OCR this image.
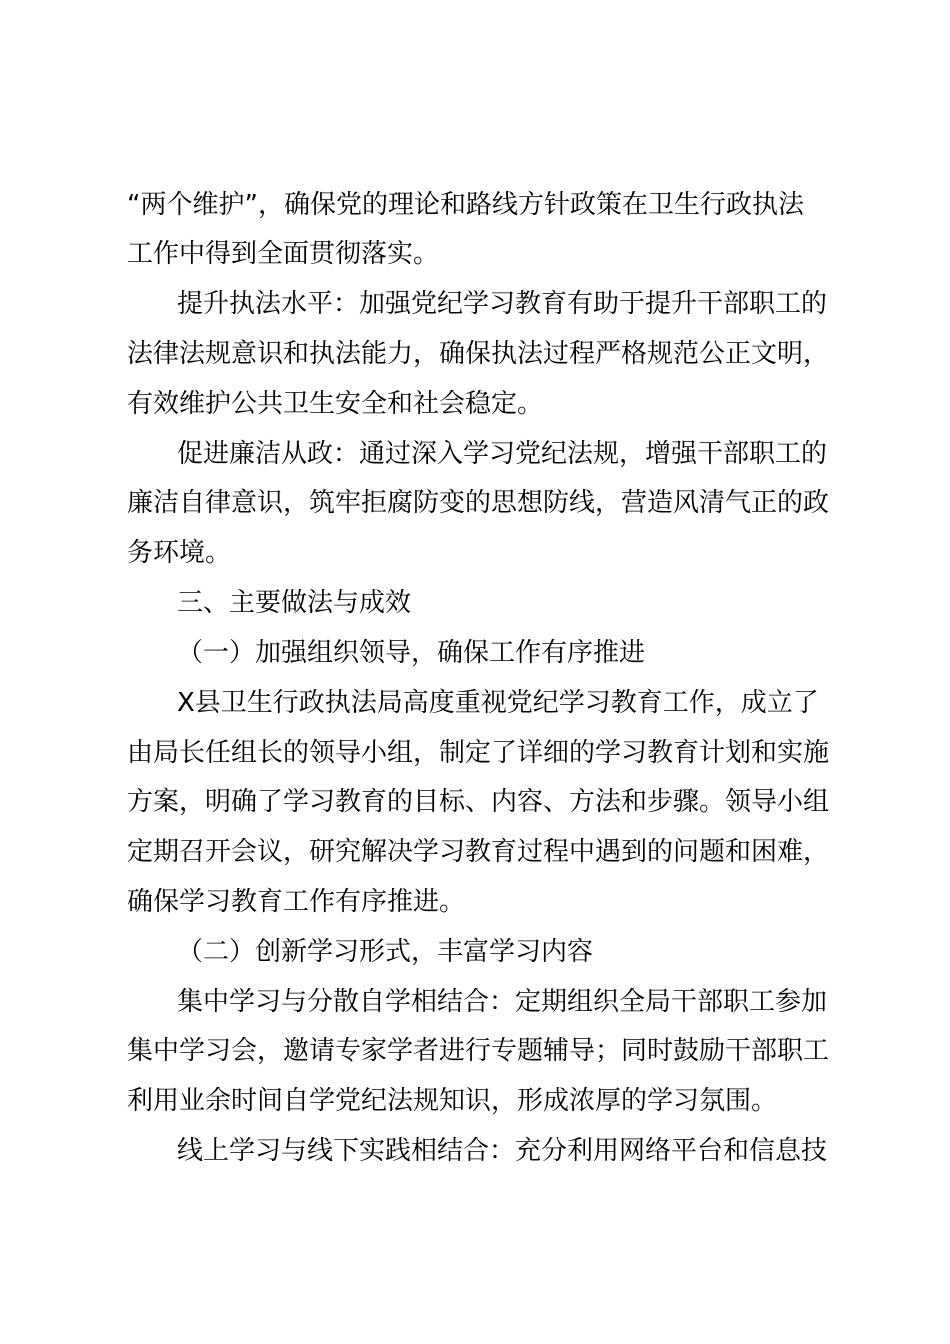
“两个维护”，确保党的理论和路线方针政策在卫生行政执法
工作中得到全面贯彻落实。
提升执法水平：加强党纪学习教育有助于提升干部职工的
法律法规意识和执法能力，确保执法过程严格规范公正文明，
有效维护公共卫生安全和社会稳定。
促进廉洁从政：通过深入学习党纪法规，增强干部职工的
廉洁自律意识，筑牢拒腐防变的思想防线，营造风清气正的政
务环境。
三、主要做法与成效
（一）加强组织领导，确保工作有序推进
X县卫生行政执法局高度重视党纪学习教育工作，成立了
由局长任组长的领导小组，制定了详细的学习教育计划和实施
方案，明确了学习教育的目标、内容、方法和步骤。领导小组
定期召开会议，研究解决学习教育过程中遇到的问题和困难，
确保学习教育工作有序推进。
（二）创新学习形式，丰富学习内容
集中学习与分散自学相结合：定期组织全局干部职工参加
集中学习会，邀请专家学者进行专题辅导；同时鼓励干部职工
利用业余时间自学党纪法规知识，形成浓厚的学习氛围。
线上学习与线下实践相结合：充分利用网络平台和信息技
